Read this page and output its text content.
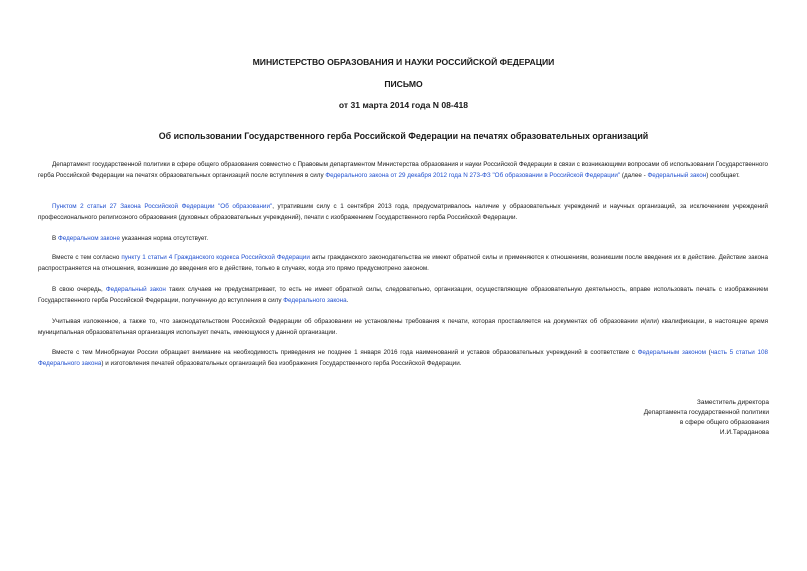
МИНИСТЕРСТВО ОБРАЗОВАНИЯ И НАУКИ РОССИЙСКОЙ ФЕДЕРАЦИИ
ПИСЬМО
от 31 марта 2014 года N 08-418
Об использовании Государственного герба Российской Федерации на печатях образовательных организаций
Департамент государственной политики в сфере общего образования совместно с Правовым департаментом Министерства образования и науки Российской Федерации в связи с возникающими вопросами об использовании Государственного герба Российской Федерации на печатях образовательных организаций после вступления в силу Федерального закона от 29 декабря 2012 года N 273-ФЗ "Об образовании в Российской Федерации" (далее - Федеральный закон) сообщает.
Пунктом 2 статьи 27 Закона Российской Федерации "Об образовании", утратившим силу с 1 сентября 2013 года, предусматривалось наличие у образовательных учреждений и научных организаций, за исключением учреждений профессионального религиозного образования (духовных образовательных учреждений), печати с изображением Государственного герба Российской Федерации.
В Федеральном законе указанная норма отсутствует.
Вместе с тем согласно пункту 1 статьи 4 Гражданского кодекса Российской Федерации акты гражданского законодательства не имеют обратной силы и применяются к отношениям, возникшим после введения их в действие. Действие закона распространяется на отношения, возникшие до введения его в действие, только в случаях, когда это прямо предусмотрено законом.
В свою очередь, Федеральный закон таких случаев не предусматривает, то есть не имеет обратной силы, следовательно, организации, осуществляющие образовательную деятельность, вправе использовать печать с изображением Государственного герба Российской Федерации, полученную до вступления в силу Федерального закона.
Учитывая изложенное, а также то, что законодательством Российской Федерации об образовании не установлены требования к печати, которая проставляется на документах об образовании и(или) квалификации, в настоящее время муниципальная образовательная организация использует печать, имеющуюся у данной организации.
Вместе с тем Минобрнауки России обращает внимание на необходимость приведения не позднее 1 января 2016 года наименований и уставов образовательных учреждений в соответствие с Федеральным законом (часть 5 статьи 108 Федерального закона) и изготовления печатей образовательных организаций без изображения Государственного герба Российской Федерации.
Заместитель директора
Департамента государственной политики
в сфере общего образования
И.И.Тараданова
